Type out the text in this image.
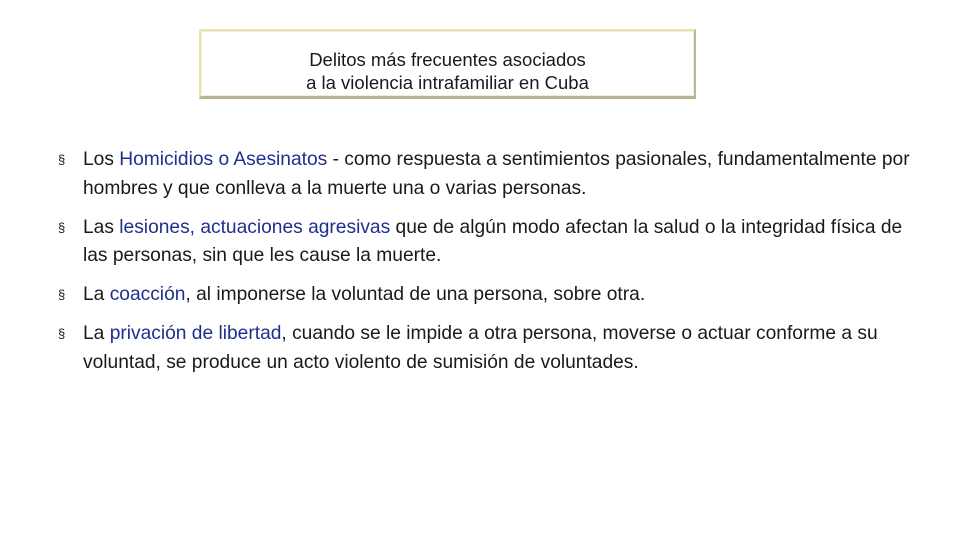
Delitos más frecuentes asociados
a la violencia intrafamiliar en Cuba
§ Los Homicidios o Asesinatos - como respuesta a sentimientos pasionales, fundamentalmente por hombres y que conlleva a la muerte una o varias personas.
§ Las lesiones, actuaciones agresivas que de algún modo afectan la salud o la integridad física de las personas, sin que les cause la muerte.
§ La coacción, al imponerse la voluntad de una persona, sobre otra.
§ La privación de libertad, cuando se le impide a otra persona, moverse o actuar conforme a su voluntad, se produce un acto violento de sumisión de voluntades.
